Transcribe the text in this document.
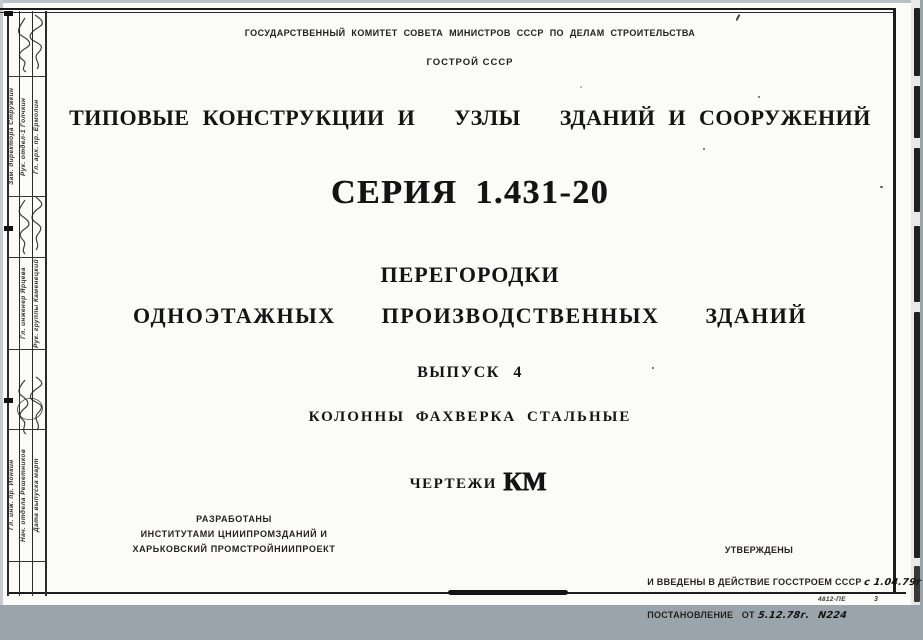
Зам. директора Стружкин Рук. отдел-1 Голчкин Гл. арх. пр. Ермолин
Гл. инженер Ярцева Рук. группы Каменецкий
Гл. инж. пр. Ионкин Нач. отдела Решетников Дата выпуска март
ГОСУДАРСТВЕННЫЙ КОМИТЕТ СОВЕТА МИНИСТРОВ СССР ПО ДЕЛАМ СТРОИТЕЛЬСТВА
ГОСТРОЙ СССР
ТИПОВЫЕ КОНСТРУКЦИИ И   УЗЛЫ   ЗДАНИЙ И СООРУЖЕНИЙ
СЕРИЯ 1.431-20
ПЕРЕГОРОДКИ
ОДНОЭТАЖНЫХ  ПРОИЗВОДСТВЕННЫХ  ЗДАНИЙ
ВЫПУСК 4
КОЛОННЫ ФАХВЕРКА СТАЛЬНЫЕ

ЧЕРТЕЖИ КМ

РАЗРАБОТАНЫ
ИНСТИТУТАМИ ЦНИИПРОМЗДАНИЙ И
ХАРЬКОВСКИЙ ПРОМСТРОЙНИИПРОЕКТ

	УТВЕРЖДЕНЫ

И ВВЕДЕНЫ В ДЕЙСТВИЕ ГОССТРОЕМ СССР с 1.04.79г

ПОСТАНОВЛЕНИЕ   ОТ 5.12.78г. N224

4812-ПЕ	3
